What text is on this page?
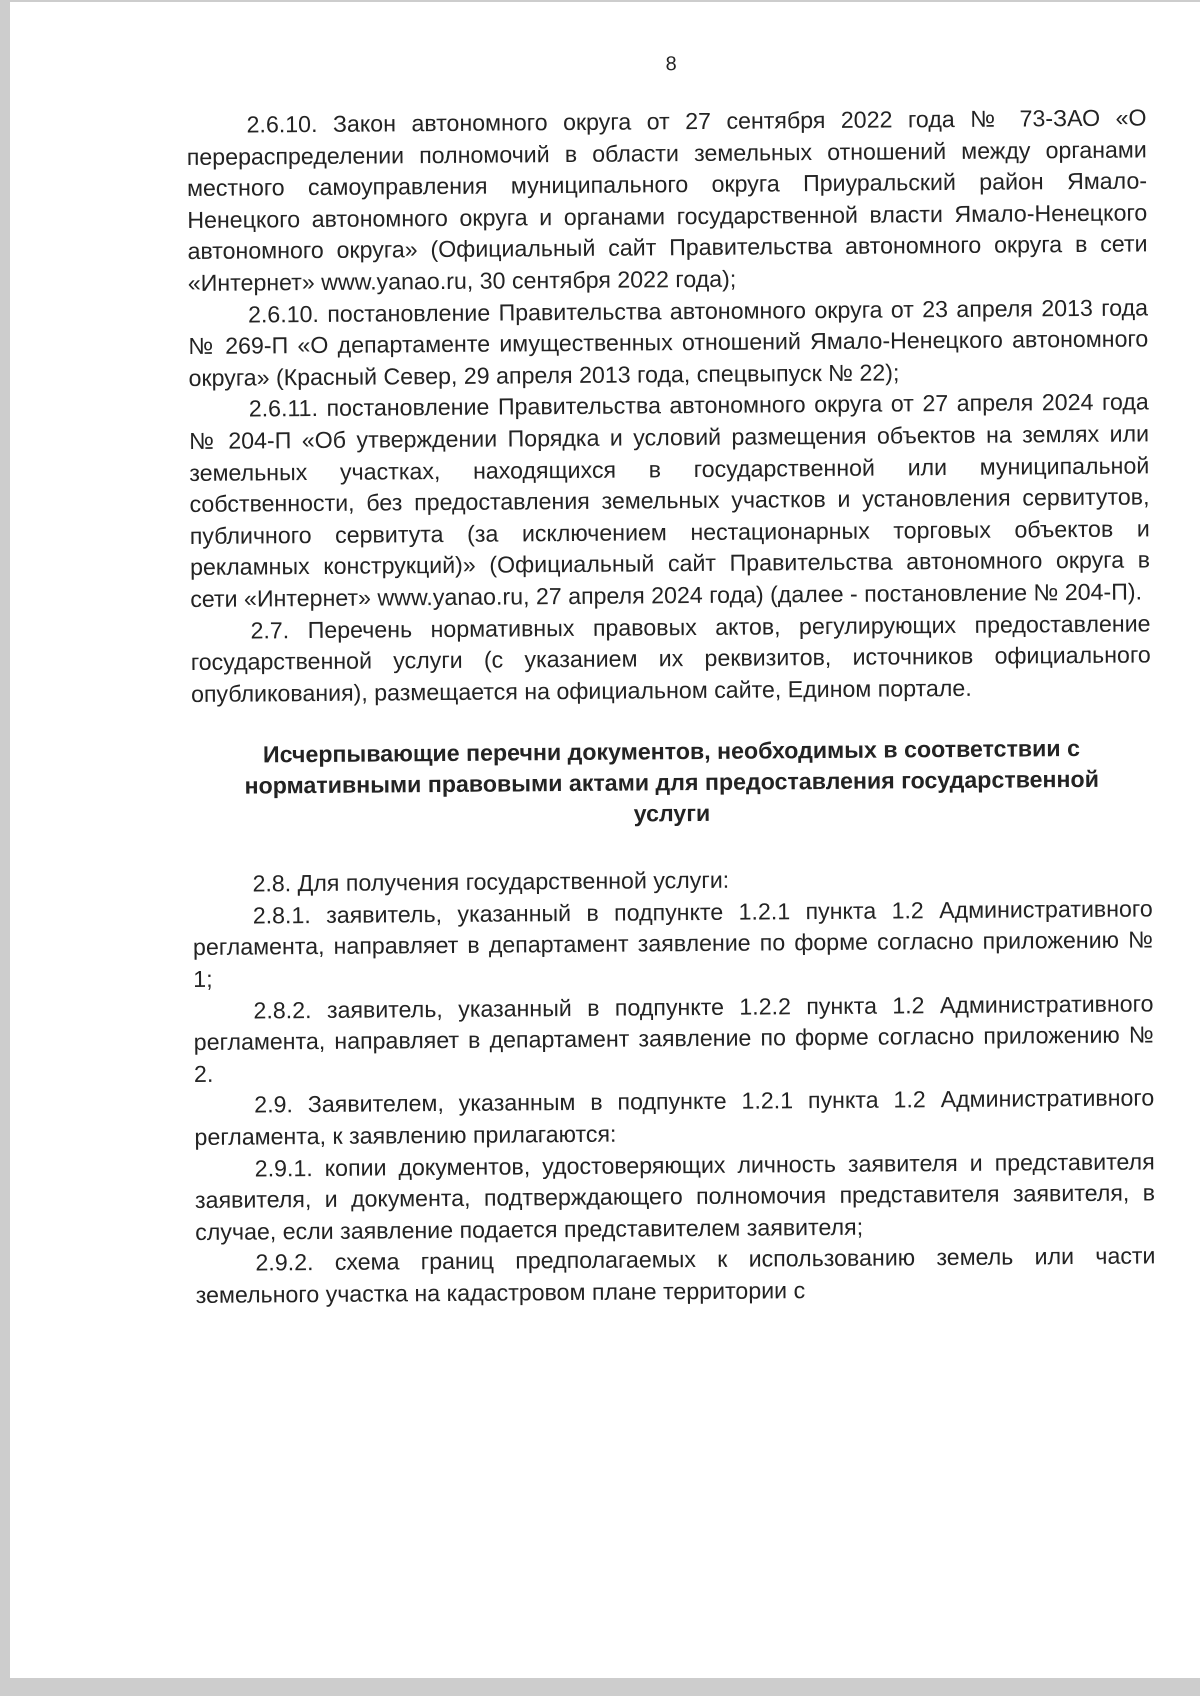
8

2.6.10. Закон автономного округа от 27 сентября 2022 года № 73-ЗАО «О перераспределении полномочий в области земельных отношений между органами местного самоуправления муниципального округа Приуральский район Ямало-Ненецкого автономного округа и органами государственной власти Ямало-Ненецкого автономного округа» (Официальный сайт Правительства автономного округа в сети «Интернет» www.yanao.ru, 30 сентября 2022 года);

2.6.10. постановление Правительства автономного округа от 23 апреля 2013 года № 269-П «О департаменте имущественных отношений Ямало-Ненецкого автономного округа» (Красный Север, 29 апреля 2013 года, спецвыпуск № 22);

2.6.11. постановление Правительства автономного округа от 27 апреля 2024 года № 204-П «Об утверждении Порядка и условий размещения объектов на землях или земельных участках, находящихся в государственной или муниципальной собственности, без предоставления земельных участков и установления сервитутов, публичного сервитута (за исключением нестационарных торговых объектов и рекламных конструкций)» (Официальный сайт Правительства автономного округа в сети «Интернет» www.yanao.ru, 27 апреля 2024 года) (далее - постановление № 204-П).

2.7. Перечень нормативных правовых актов, регулирующих предоставление государственной услуги (с указанием их реквизитов, источников официального опубликования), размещается на официальном сайте, Едином портале.

Исчерпывающие перечни документов, необходимых в соответствии с нормативными правовыми актами для предоставления государственной услуги

2.8. Для получения государственной услуги:

2.8.1. заявитель, указанный в подпункте 1.2.1 пункта 1.2 Административного регламента, направляет в департамент заявление по форме согласно приложению № 1;

2.8.2. заявитель, указанный в подпункте 1.2.2 пункта 1.2 Административного регламента, направляет в департамент заявление по форме согласно приложению № 2.

2.9. Заявителем, указанным в подпункте 1.2.1 пункта 1.2 Административного регламента, к заявлению прилагаются:

2.9.1. копии документов, удостоверяющих личность заявителя и представителя заявителя, и документа, подтверждающего полномочия представителя заявителя, в случае, если заявление подается представителем заявителя;

2.9.2. схема границ предполагаемых к использованию земель или части земельного участка на кадастровом плане территории с
